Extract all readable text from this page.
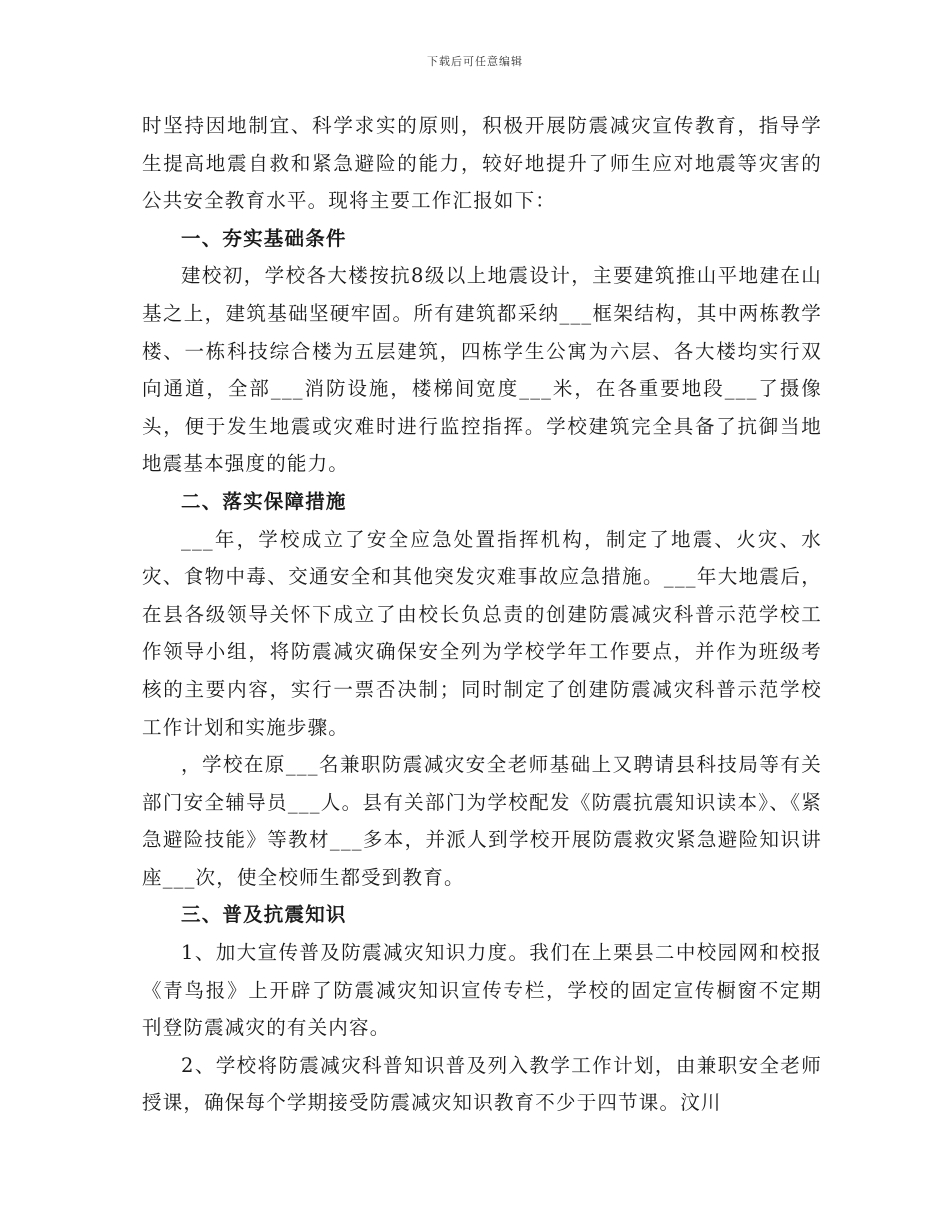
下载后可任意编辑

时坚持因地制宜、科学求实的原则，积极开展防震减灾宣传教育，指导学生提高地震自救和紧急避险的能力，较好地提升了师生应对地震等灾害的公共安全教育水平。现将主要工作汇报如下：

一、夯实基础条件

建校初，学校各大楼按抗8级以上地震设计，主要建筑推山平地建在山基之上，建筑基础坚硬牢固。所有建筑都采纳___框架结构，其中两栋教学楼、一栋科技综合楼为五层建筑，四栋学生公寓为六层、各大楼均实行双向通道，全部___消防设施，楼梯间宽度___米，在各重要地段___了摄像头，便于发生地震或灾难时进行监控指挥。学校建筑完全具备了抗御当地地震基本强度的能力。

二、落实保障措施

___年，学校成立了安全应急处置指挥机构，制定了地震、火灾、水灾、食物中毒、交通安全和其他突发灾难事故应急措施。___年大地震后，在县各级领导关怀下成立了由校长负总责的创建防震减灾科普示范学校工作领导小组，将防震减灾确保安全列为学校学年工作要点，并作为班级考核的主要内容，实行一票否决制；同时制定了创建防震减灾科普示范学校工作计划和实施步骤。

，学校在原___名兼职防震减灾安全老师基础上又聘请县科技局等有关部门安全辅导员___人。县有关部门为学校配发《防震抗震知识读本》、《紧急避险技能》等教材___多本，并派人到学校开展防震救灾紧急避险知识讲座___次，使全校师生都受到教育。

三、普及抗震知识

1、加大宣传普及防震减灾知识力度。我们在上栗县二中校园网和校报《青鸟报》上开辟了防震减灾知识宣传专栏，学校的固定宣传橱窗不定期刊登防震减灾的有关内容。

2、学校将防震减灾科普知识普及列入教学工作计划，由兼职安全老师授课，确保每个学期接受防震减灾知识教育不少于四节课。汶川
